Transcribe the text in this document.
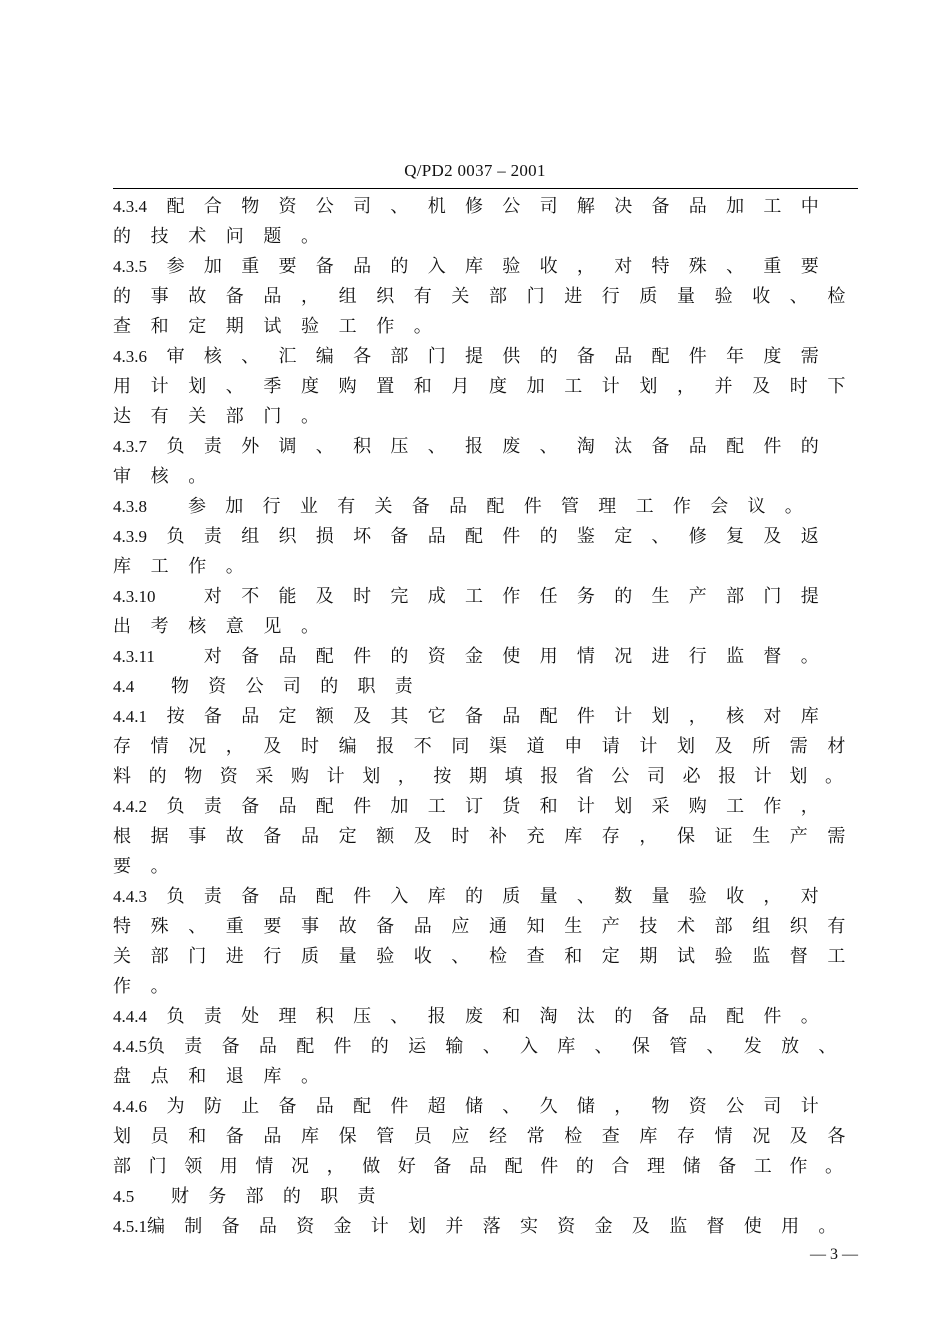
Q/PD2 0037 – 2001
4.3.4	配合物资公司、机修公司解决备品加工中
的技术问题。
4.3.5	参加重要备品的入库验收，对特殊、重要
的事故备品，组织有关部门进行质量验收、检
查和定期试验工作。
4.3.6	审核、汇编各部门提供的备品配件年度需
用计划、季度购置和月度加工计划，并及时下
达有关部门。
4.3.7	负责外调、积压、报废、淘汰备品配件的
审核。
4.3.8	参加行业有关备品配件管理工作会议。
4.3.9	负责组织损坏备品配件的鉴定、修复及返
库工作。
4.3.10	对不能及时完成工作任务的生产部门提
出考核意见。
4.3.11	对备品配件的资金使用情况进行监督。
4.4	物资公司的职责
4.4.1	按备品定额及其它备品配件计划，核对库
存情况，及时编报不同渠道申请计划及所需材
料的物资采购计划，按期填报省公司必报计划。
4.4.2	负责备品配件加工订货和计划采购工作，
根据事故备品定额及时补充库存，保证生产需
要。
4.4.3	负责备品配件入库的质量、数量验收，对
特殊、重要事故备品应通知生产技术部组织有
关部门进行质量验收、检查和定期试验监督工
作。
4.4.4	负责处理积压、报废和淘汰的备品配件。
4.4.5 负责备品配件的运输、入库、保管、发放、
盘点和退库。
4.4.6	为防止备品配件超储、久储，物资公司计
划员和备品库保管员应经常检查库存情况及各
部门领用情况，做好备品配件的合理储备工作。
4.5	财务部的职责
4.5.1 编制备品资金计划并落实资金及监督使用。
— 3 —
